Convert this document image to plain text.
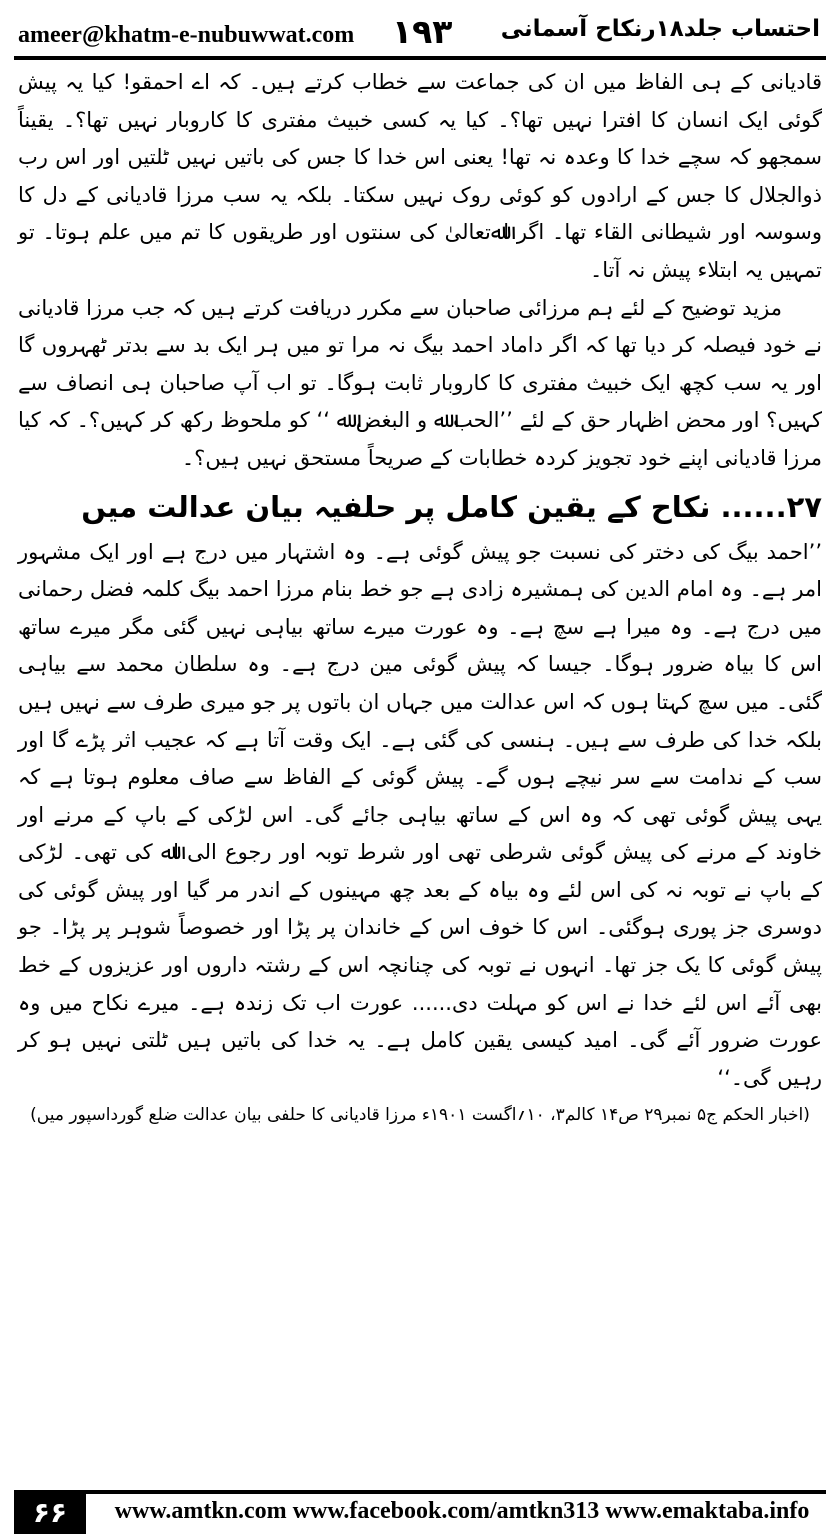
ameer@khatm-e-nubuwwat.com ۱۹۳ احتساب جلد۱۸رنکاح آسمانی

قادیانی کے ہی الفاظ میں ان کی جماعت سے خطاب کرتے ہیں۔ کہ اے احمقو! کیا یہ پیش گوئی ایک انسان کا افترا نہیں تھا؟۔ کیا یہ کسی خبیث مفتری کا کاروبار نہیں تھا؟۔ یقیناً سمجھو کہ سچے خدا کا وعدہ نہ تھا! یعنی اس خدا کا جس کی باتیں نہیں ٹلتیں اور اس رب ذوالجلال کا جس کے ارادوں کو کوئی روک نہیں سکتا۔ بلکہ یہ سب مرزا قادیانی کے دل کا وسوسہ اور شیطانی القاء تھا۔ اگر اﷲتعالیٰ کی سنتوں اور طریقوں کا تم میں علم ہوتا۔ تو تمہیں یہ ابتلاء پیش نہ آتا۔

مزید توضیح کے لئے ہم مرزائی صاحبان سے مکرر دریافت کرتے ہیں کہ جب مرزا قادیانی نے خود فیصلہ کر دیا تھا کہ اگر داماد احمد بیگ نہ مرا تو میں ہر ایک بد سے بدتر ٹھہروں گا اور یہ سب کچھ ایک خبیث مفتری کا کاروبار ثابت ہوگا۔ تو اب آپ صاحبان ہی انصاف سے کہیں؟ اور محض اظہار حق کے لئے ’’الحب ﷲ و البغض ﷲ ‘‘ کو ملحوظ رکھ کر کہیں؟۔ کہ کیا مرزا قادیانی اپنے خود تجویز کردہ خطابات کے صریحاً مستحق نہیں ہیں؟۔

۲۷...... نکاح کے یقین کامل پر حلفیہ بیان عدالت میں

’’احمد بیگ کی دختر کی نسبت جو پیش گوئی ہے۔ وہ اشتہار میں درج ہے اور ایک مشہور امر ہے۔ وہ امام الدین کی ہمشیرہ زادی ہے جو خط بنام مرزا احمد بیگ کلمہ فضل رحمانی میں درج ہے۔ وہ میرا ہے سچ ہے۔ وہ عورت میرے ساتھ بیاہی نہیں گئی مگر میرے ساتھ اس کا بیاہ ضرور ہوگا۔ جیسا کہ پیش گوئی مین درج ہے۔ وہ سلطان محمد سے بیاہی گئی۔ میں سچ کہتا ہوں کہ اس عدالت میں جہاں ان باتوں پر جو میری طرف سے نہیں ہیں بلکہ خدا کی طرف سے ہیں۔ ہنسی کی گئی ہے۔ ایک وقت آتا ہے کہ عجیب اثر پڑے گا اور سب کے ندامت سے سر نیچے ہوں گے۔ پیش گوئی کے الفاظ سے صاف معلوم ہوتا ہے کہ یہی پیش گوئی تھی کہ وہ اس کے ساتھ بیاہی جائے گی۔ اس لڑکی کے باپ کے مرنے اور خاوند کے مرنے کی پیش گوئی شرطی تھی اور شرط توبہ اور رجوع الی اﷲ کی تھی۔ لڑکی کے باپ نے توبہ نہ کی اس لئے وہ بیاہ کے بعد چھ مہینوں کے اندر مر گیا اور پیش گوئی کی دوسری جز پوری ہوگئی۔ اس کا خوف اس کے خاندان پر پڑا اور خصوصاً شوہر پر پڑا۔ جو پیش گوئی کا یک جز تھا۔ انہوں نے توبہ کی چنانچہ اس کے رشتہ داروں اور عزیزوں کے خط بھی آئے اس لئے خدا نے اس کو مہلت دی...... عورت اب تک زندہ ہے۔ میرے نکاح میں وہ عورت ضرور آئے گی۔ امید کیسی یقین کامل ہے۔ یہ خدا کی باتیں ہیں ٹلتی نہیں ہو کر رہیں گی۔‘‘

(اخبار الحکم ج۵ نمبر۲۹ ص۱۴ کالم۳، ۱۰؍اگست ۱۹۰۱ء مرزا قادیانی کا حلفی بیان عدالت ضلع گورداسپور میں)

۶۶	www.amtkn.com www.facebook.com/amtkn313 www.emaktaba.info
